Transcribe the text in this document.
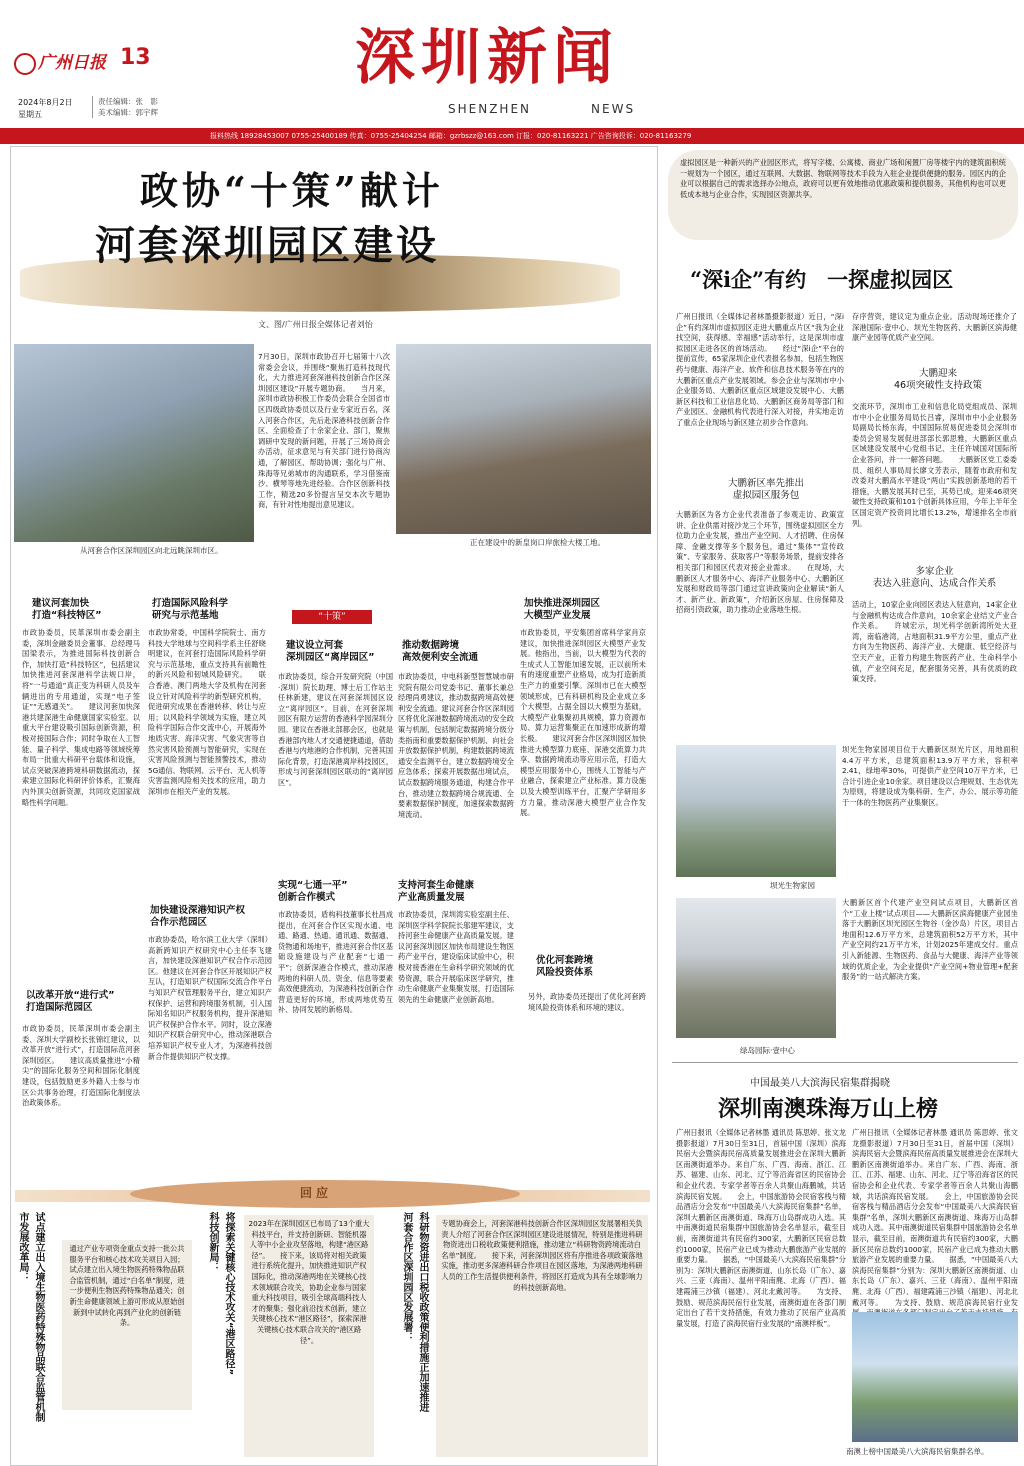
广州日报 13
2024年8月2日
星期五
责任编辑：张　影
美术编辑：郭宇辉
深圳新闻
SHENZHEN	NEWS
报料热线 18928453007 0755-25400189 传真：0755-25404254 邮箱：gzrbszz@163.com 订报：020-81163221 广告咨询投诉：020-81163279
政协“十策”献计
河套深圳园区建设
文、图/广州日报全媒体记者刘怡
从河套合作区深圳园区向北远眺深圳市区。
正在建设中的新皇岗口岸旅检大楼工地。
7月30日，深圳市政协召开七届第十八次常委会会议，并围绕“聚焦打造科技现代化，大力推进河套深港科技创新合作区深圳园区建设”开展专题协商。　　当月来，深圳市政协积极工作委员会联合全国省市区四级政协委员以及行业专家近百名，深入河套合作区，先后赴深港科技创新合作区、全面检查了十余家企业、部门，聚焦调研中发现的新问题，开展了三场协商会办活动，征求意见与有关部门进行协商沟通，了解园区、帮助协调；强化与广州、珠海等兄弟城市的沟通联系，学习借鉴南沙、横琴等地先进经验。合作区创新科技工作，精选20多份提言呈交本次专题协商，有针对性地提出意见建议。
“十策”
建议河套加快
打造“科技特区”
市政协委员，民革深圳市委会副主委，深圳金融委员会董事、总经理马国梁表示，为推进国际科技创新合作，加快打造“科技特区”，包括建议加快推进河套深港科学法规口岸，将“一号通道”真正变为科研人员及车辆进出的专用通道，实现“电子签证”“无感通关”。　　建议河套加快深港共建深港生命健康国家实验室。以重大平台建设吸引国际创新资源，积极对接国际合作；同时争取在人工智能、量子科学、集成电路等领域统筹布局一批重大科研平台载体和设施，试点突破深港跨境科研数据流动，探索建立国际化科研评价体系，汇聚海内外顶尖创新资源，共同攻克国家战略性科学问题。
打造国际风险科学
研究与示范基地
市政协常委，中国科学院院士、南方科技大学地球与空间科学系主任舒晓明建议，在河套打造国际风险科学研究与示范基地，重点支持具有前瞻性的新兴风险和韧城风险研究。　　联合香港、澳门两地大学及机构在河套设立针对风险科学的新型研究机构，促进研究成果在香港转移、转让与应用；以风险科学领域为实施，建立风险科学国际合作交流中心，开展海外地质灾害、海洋灾害、气象灾害等自然灾害风险预测与智能研究，实现在灾害风险预测与智能预警技术，推动5G通信、物联网、云平台、无人机等灾害监测风险相关技术的应用，助力深圳市在相关产业的发展。
建议设立河套
深圳园区“离岸园区”
市政协委员，综合开发研究院（中国·深圳）院长助理、博士后工作站主任林新建，建议在河套深圳园区设立“离岸园区”。目前，在河套深圳园区有限方运营的香港科学园深圳分园。建议在香港北部都会区，也就是香港部内地人才交通便捷通道，借助香港与内地港的合作机制，完善其国际化背景，打造深港离岸科技园区，形成与河套深圳园区联动的“离岸园区”。
推动数据跨境
高效便利安全流通
市政协委员，中电科新型智慧城市研究院有限公司党委书记、董事长兼总经理尚勇建议，推动数据跨境高效便利安全流通。建议河套合作区深圳园区将优化深港数据跨境流动的安全政策与机制，包括制定数据跨境分级分类指南和重要数据保护机制、向社会开放数据保护机制，构建数据跨境流通安全监测平台，建立数据跨境安全应急体系；探索开展数据出境试点，试点数据跨境服务通道，构建合作平台，推动建立数据跨境合规流通、全要素数据保护制度，加速探索数据跨境流动。
加快推进深圳园区
大模型产业发展
市政协委员，平安集团首席科学家肖京建议，加快推进深圳园区大模型产业发展。他指出，当前，以大模型为代表的生成式人工智能加速发展，正以前所未有的速度重塑产业格局，成为打造新质生产力的重要引擎。深圳市已在大模型领域形成，已有科研机构及企业成立多个大模型，占据全国以大模型为基础，大模型产业集聚初具规模，算力资源布局、算力运营集聚正在加速形成新的增长极。　　建议河套合作区深圳园区加快推进大模型算力底座、深港交流算力共享、数据跨境流动等应用示范，打造大模型应用服务中心，围绕人工智能与产业融合，探索建立产业标准、算力设施以及大模型训练平台，汇聚产学研用多方力量，推动深港大模型产业合作发展。
加快建设深港知识产权
合作示范园区
市政协委员，哈尔滨工业大学（深圳）高新跨知识产权研究中心主任李飞建言，加快建设深港知识产权合作示范园区。他建议在河套合作区开展知识产权互认，打造知识产权国际交流合作平台与知识产权管理服务平台，建立知识产权保护、运营和跨境服务机制，引入国际知名知识产权服务机构，提升深港知识产权保护合作水平。同时，设立深港知识产权联合研究中心，推动深港联合培养知识产权专业人才，为深港科技创新合作提供知识产权支撑。
实现“七通一平”
创新合作模式
市政协委员，盾构科技董事长杜昌成提出，在河套合作区实现水通、电通、路通、热通、通讯通、数据通、货物通和场地平，推进河套合作区基础设施建设与产业配套“七通一平”；创新深港合作模式，推动深港两地的科研人员、资金、信息等要素高效便捷流动，为深港科技创新合作营造更好的环境，形成两地优势互补、协同发展的新格局。
支持河套生命健康
产业高质量发展
市政协委员，深圳湾实验室副主任、深圳医学科学院院长邬建军建议，支持河套生命健康产业高质量发展。建议河套深圳园区加快布局建设生物医药产业平台，建设临床试验中心，积极对接香港在生命科学研究领域的优势资源，联合开展临床医学研究，推动生命健康产业集聚发展，打造国际领先的生命健康产业创新高地。
以改革开放“进行式”
打造国际范园区
市政协委员，民革深圳市委会副主委、深圳大学副校长张锦红建议，以改革开放“进行式”，打造国际范河套深圳园区。　　建议高质量推进“小精尖”的国际化服务空间和国际化制度建设，包括鼓励更多外籍人士参与市区公共事务治理，打造国际化制度法治政策体系。
优化河套跨境
风险投资体系
另外，政协委员还提出了优化河套跨境风险投资体系和环境的建议。
回应
市发展改革局： 试点建立出入境生物医药特殊物品联合监管机制	通过产业专项资金重点支持一批公共服务平台和核心技术攻关项目入园；试点建立出入境生物医药特殊物品联合监管机制，通过“白名单”制度，进一步便利生物医药特殊物品通关；创新生命健康领域上游可形成从原始创新到中试转化再到产业化的创新链条。
科技创新局： 将探索关键核心技术攻关“港区路径”	2023年在深圳园区已布局了13个重大科技平台，并支持创新研、智能机器人等中小企业攻坚落地，构建“港区路径”。　　接下来，该局将对相关政策进行系统化提升，加快推进知识产权国际化，推动深港两地在关键核心技术领域联合攻关，协助企业参与国家重大科技项目，吸引全球高端科技人才的聚集；强化前沿技术创新，建立关键核心技术“港区路径”，探索深港关键核心技术联合攻关的“港区路径”。	河套合作区深圳园区发展署： 科研物资进出口税收政策便利措施正加速推进	专题协商会上，河套深港科技创新合作区深圳园区发展署相关负责人介绍了河套合作区深圳园区建设进展情况，特别是推进科研物资进出口税收政策便利措施，推动建立“科研物资跨境流动白名单”制度。　　接下来，河套深圳园区将有序推进各项政策落地实施，推动更多深港科研合作项目在园区落地，为深港两地科研人员的工作生活提供便利条件，将园区打造成为具有全球影响力的科技创新高地。
虚拟园区是一种新兴的产业园区形式，将写字楼、公寓楼、商业广场和闲置厂房等楼宇内的建筑面积统一规划为一个园区，通过互联网、大数据、物联网等技术手段为入驻企业提供便捷的服务。园区内的企业可以根据自己的需求选择办公地点，政府可以更有效地推动优惠政策和提供服务，其他机构也可以更低成本地与企业合作，实现园区资源共享。
“深i企”有约　一探虚拟园区
广州日报讯（全媒体记者林墨摄影报道）近日，“深i企”有约深圳市虚拟园区走进大鹏重点片区“我为企业找空间，获得感、幸福感”活动举行，这是深圳市虚拟园区走进各区的首场活动。　　经过“深i企”平台的提前宣传，65家深圳企业代表报名参加，包括生物医药与健康、海洋产业、软件和信息技术服务等在内的大鹏新区重点产业发展领域。参会企业与深圳市中小企业服务局、大鹏新区重点区域建设发展中心、大鹏新区科技和工业信息化局、大鹏新区商务局等部门和产业园区、金融机构代表进行深入对接，并实地走访了重点企业现场与新区建立初步合作意向。
存序营资，建议定为重点企业。活动现场还推介了深港国际·壹中心、坝光生物医药、大鹏新区滨海健康产业园等优质产业空间。
大鹏新区率先推出
虚拟园区服务包
大鹏新区为各方企业代表准备了参观走访、政策宣讲、企业供需对接沙龙三个环节，围绕虚拟园区全方位助力企业发展，推出产业空间、人才招聘、住房保障、金融支撑等多个服务包，通过“集体”“宣传政策”、专家服务、获取客户“等服务场景，提前安排各相关部门和园区代表对接企业需求。　　在现场，大鹏新区人才服务中心、海洋产业服务中心、大鹏新区发展和财政局等部门通过宣讲政策向企业解读“新人才、新产业、新政策”，介绍新区房屋、住房保障及招商引资政策，助力推动企业落地生根。
大鹏迎来
46项突破性支持政策
交流环节，深圳市工业和信息化局党组成员、深圳市中小企业服务局局长吕睿，深圳市中小企业服务局副局长杨东海，中国国际贸易促进委员会深圳市委员会贸易发展促进部部长郭思雅，大鹏新区重点区域建设发展中心党组书记、主任许城国对国际所企业答问，并一一解答问题。　　大鹏新区党工委委员、组织人事局局长廖文芳表示，随着市政府和发改委对大鹏高水平建设“两山”实践创新基地的若干措施，大鹏发展其时已至，其势已成，迎来46项突破性支持政策和101个创新具体应用，今年上半年全区国定资产投资同比增长13.2%，增速排名全市前列。
多家企业
表达入驻意向、达成合作关系
活动上，10家企业向园区表达入驻意向，14家企业与金融机构达成合作意向，10余家企业结文产业合作关系。　　许城宏示，坝光科学创新湾所处大亚湾，南临港湾，占地面积31.9平方公里，重点产业方向为生物医药、海洋产业、大健康、低空经济与空天产业，正着力构建生物医药产业、生命科学小镇，产业空间充足，配套服务完善，具有优质的政策支持。
坝光生物家园
坝光生物家园项目位于大鹏新区坝光片区，用地面积4.4万平方米，总建筑面积13.9万平方米，容积率2.41，绿地率30%，可提供产业空间10万平方米，已合计引进企业10余家。项目建设以合理规划、生态优先为原则，将建设成为集科研、生产、办公、展示等功能于一体的生物医药产业集聚区。
绿岛园际·壹中心
大鹏新区首个代建产业空间试点项目，大鹏新区首个“工业上楼”试点项目——大鹏新区滨海健康产业园坐落于大鹏新区坝光园区生物谷（金沙岛）片区，项目占地面积12.6万平方米，总建筑面积52万平方米，其中产业空间约21万平方米，计划2025年建成交付。重点引入新能源、生物医药、食品与大健康、海洋产业等领域的优质企业，为企业提供“产业空间+物业管理+配套服务”的一站式解决方案。
中国最美八大滨海民宿集群揭晓
深圳南澳珠海万山上榜
广州日报讯（全媒体记者林墨 通讯员 陈思婷、张文龙摄影报道）7月30日至31日，首届中国（深圳）滨海民宿大会暨滨海民宿高质量发展推进会在深圳大鹏新区南澳街道举办。来自广东、广西、海南、浙江、江苏、福建、山东、河北、辽宁等沿海省区的民宿协会和企业代表、专家学者等百余人共聚山海鹏城，共话滨海民宿发展。　　会上，中国旅游协会民宿客栈与精品酒店分会发布“中国最美八大滨海民宿集群”名单，深圳大鹏新区南澳街道、珠海万山岛群成功入选。其中南澳街道民宿集群中国旅游协会名单显示，截至目前，南澳街道共有民宿约300家，大鹏新区民宿总数约1000家，民宿产业已成为推动大鹏旅游产业发展的重要力量。　　据悉，“中国最美八大滨海民宿集群”分别为：深圳大鹏新区南澳街道、山东长岛（广东）、嘉兴、三亚（海南）、温州平阳南麂、北海（广西）、福建霞浦三沙镇（福建）、河北北戴河等。　　为支持、鼓励、规范滨海民宿行业发展，南澳街道在各部门制定出台了若干支持措施，有效力推动了民宿产业高质量发展，打造了滨海民宿行业发展的“南澳样板”。
广州日报讯（全媒体记者林墨 通讯员 陈思婷、张文龙摄影报道）7月30日至31日，首届中国（深圳）滨海民宿大会暨滨海民宿高质量发展推进会在深圳大鹏新区南澳街道举办。来自广东、广西、海南、浙江、江苏、福建、山东、河北、辽宁等沿海省区的民宿协会和企业代表、专家学者等百余人共聚山海鹏城，共话滨海民宿发展。　　会上，中国旅游协会民宿客栈与精品酒店分会发布“中国最美八大滨海民宿集群”名单，深圳大鹏新区南澳街道、珠海万山岛群成功入选。其中南澳街道民宿集群中国旅游协会名单显示，截至目前，南澳街道共有民宿约300家，大鹏新区民宿总数约1000家，民宿产业已成为推动大鹏旅游产业发展的重要力量。　　据悉，“中国最美八大滨海民宿集群”分别为：深圳大鹏新区南澳街道、山东长岛（广东）、嘉兴、三亚（海南）、温州平阳南麂、北海（广西）、福建霞浦三沙镇（福建）、河北北戴河等。　　为支持、鼓励、规范滨海民宿行业发
南澳上榜中国最美八大滨海民宿集群名单。
